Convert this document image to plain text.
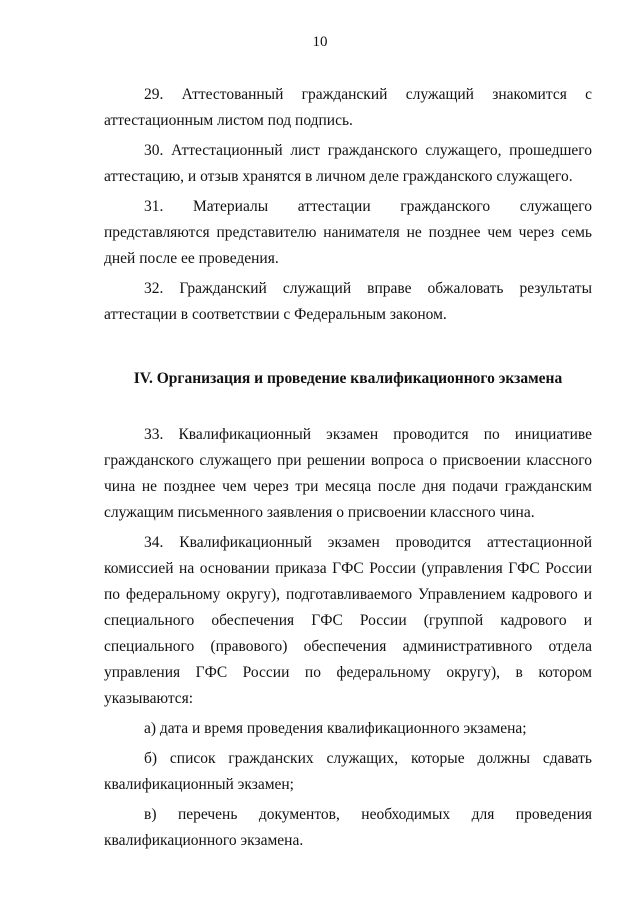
10

29. Аттестованный гражданский служащий знакомится с аттестационным листом под подпись.

30. Аттестационный лист гражданского служащего, прошедшего аттестацию, и отзыв хранятся в личном деле гражданского служащего.

31. Материалы аттестации гражданского служащего представляются представителю нанимателя не позднее чем через семь дней после ее проведения.

32. Гражданский служащий вправе обжаловать результаты аттестации в соответствии с Федеральным законом.

IV. Организация и проведение квалификационного экзамена

33. Квалификационный экзамен проводится по инициативе гражданского служащего при решении вопроса о присвоении классного чина не позднее чем через три месяца после дня подачи гражданским служащим письменного заявления о присвоении классного чина.

34. Квалификационный экзамен проводится аттестационной комиссией на основании приказа ГФС России (управления ГФС России по федеральному округу), подготавливаемого Управлением кадрового и специального обеспечения ГФС России (группой кадрового и специального (правового) обеспечения административного отдела управления ГФС России по федеральному округу), в котором указываются:

а) дата и время проведения квалификационного экзамена;

б) список гражданских служащих, которые должны сдавать квалификационный экзамен;

в) перечень документов, необходимых для проведения квалификационного экзамена.
